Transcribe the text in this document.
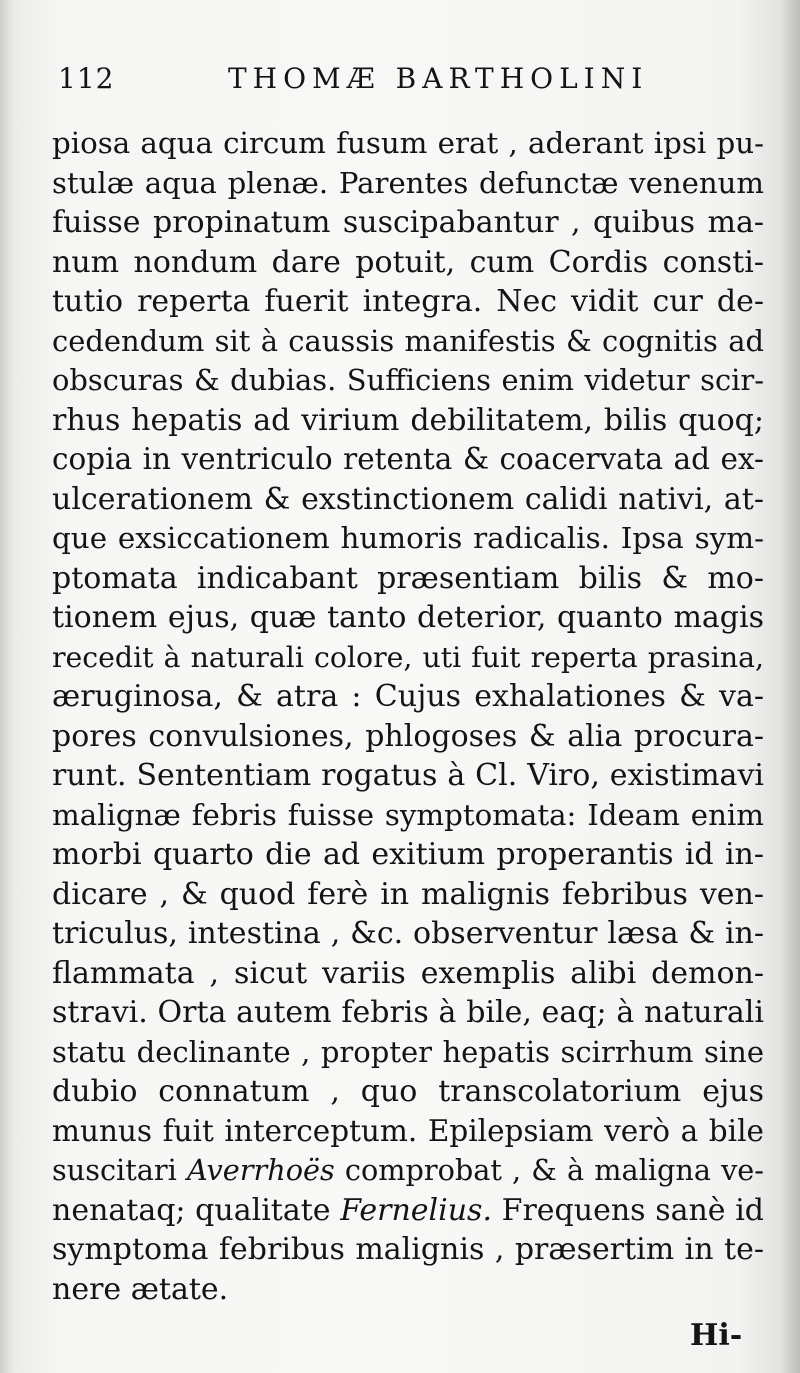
112	THOMÆ BARTHOLINI
piosa aqua circum fusum erat , aderant ipsi pu-
stulæ aqua plenæ. Parentes defunctæ venenum
fuisse propinatum suscipabantur , quibus ma-
num nondum dare potuit, cum Cordis consti-
tutio reperta fuerit integra. Nec vidit cur de-
cedendum sit à caussis manifestis & cognitis ad
obscuras & dubias. Sufficiens enim videtur scir-
rhus hepatis ad virium debilitatem, bilis quoq;
copia in ventriculo retenta & coacervata ad ex-
ulcerationem & exstinctionem calidi nativi, at-
que exsiccationem humoris radicalis. Ipsa sym-
ptomata indicabant præsentiam bilis & mo-
tionem ejus, quæ tanto deterior, quanto magis
recedit à naturali colore, uti fuit reperta prasina,
æruginosa, & atra : Cujus exhalationes & va-
pores convulsiones, phlogoses & alia procura-
runt. Sententiam rogatus à Cl. Viro, existimavi
malignæ febris fuisse symptomata: Ideam enim
morbi quarto die ad exitium properantis id in-
dicare , & quod ferè in malignis febribus ven-
triculus, intestina , &c. observentur læsa & in-
flammata , sicut variis exemplis alibi demon-
stravi. Orta autem febris à bile, eaq; à naturali
statu declinante , propter hepatis scirrhum sine
dubio connatum , quo transcolatorium ejus
munus fuit interceptum. Epilepsiam verò a bile
suscitari Averrhoës comprobat , & à maligna ve-
nenataq; qualitate Fernelius. Frequens sanè id
symptoma febribus malignis , præsertim in te-
nere ætate.
Hi-
